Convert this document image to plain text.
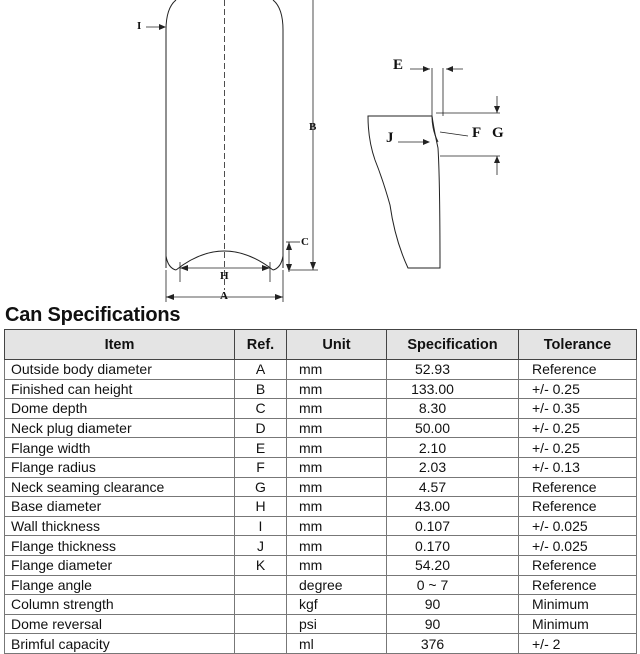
I
B
C
H
A
E
J	F G
Can Specifications
Item	Ref.	Unit	Specification	Tolerance
Outside body diameter	A	mm	52.93	Reference
Finished can height	B	mm	133.00	+/- 0.25
Dome depth	C	mm	8.30	+/- 0.35
Neck plug diameter	D	mm	50.00	+/- 0.25
Flange width	E	mm	2.10	+/- 0.25
Flange radius	F	mm	2.03	+/- 0.13
Neck seaming clearance	G	mm	4.57	Reference
Base diameter	H	mm	43.00	Reference
Wall thickness	I	mm	0.107	+/- 0.025
Flange thickness	J	mm	0.170	+/- 0.025
Flange diameter	K	mm	54.20	Reference
Flange angle		degree	0 ~ 7	Reference
Column strength		kgf	90	Minimum
Dome reversal		psi	90	Minimum
Brimful capacity		ml	376	+/- 2
